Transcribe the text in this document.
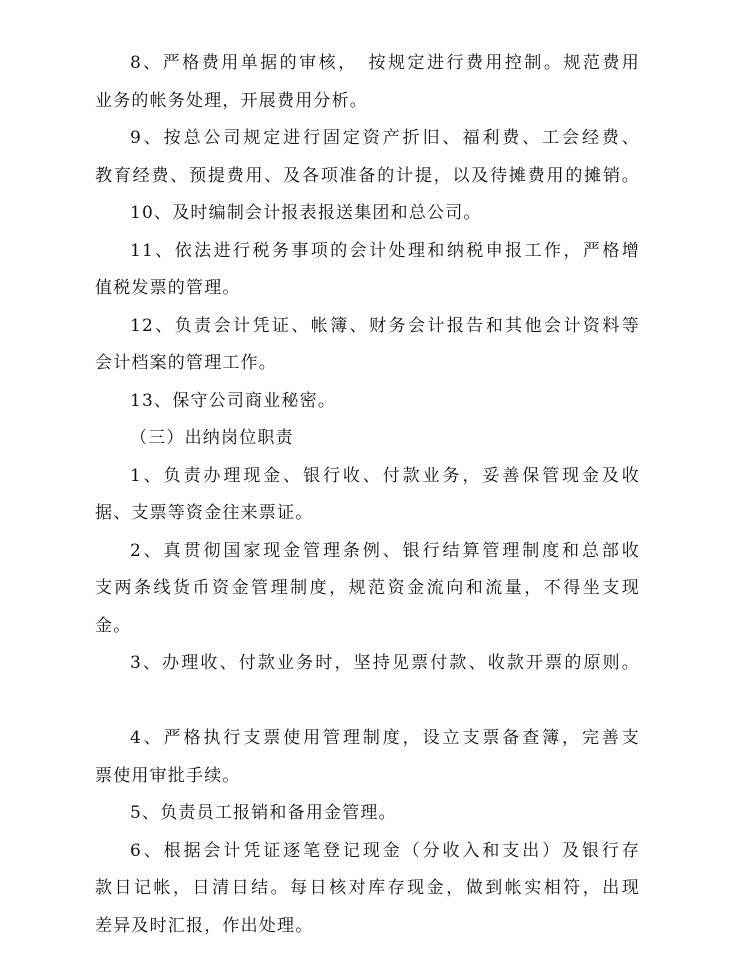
8、严格费用单据的审核，　按规定进行费用控制。规范费用
业务的帐务处理，开展费用分析。
9、按总公司规定进行固定资产折旧、福利费、工会经费、
教育经费、预提费用、及各项准备的计提，以及待摊费用的摊销。
10、及时编制会计报表报送集团和总公司。
11、依法进行税务事项的会计处理和纳税申报工作，严格增
值税发票的管理。
12、负责会计凭证、帐簿、财务会计报告和其他会计资料等
会计档案的管理工作。
13、保守公司商业秘密。
（三）出纳岗位职责
1、负责办理现金、银行收、付款业务，妥善保管现金及收
据、支票等资金往来票证。
2、真贯彻国家现金管理条例、银行结算管理制度和总部收
支两条线货币资金管理制度，规范资金流向和流量，不得坐支现
金。
3、办理收、付款业务时，坚持见票付款、收款开票的原则。
4、严格执行支票使用管理制度，设立支票备查簿，完善支
票使用审批手续。
5、负责员工报销和备用金管理。
6、根据会计凭证逐笔登记现金（分收入和支出）及银行存
款日记帐，日清日结。每日核对库存现金，做到帐实相符，出现
差异及时汇报，作出处理。
